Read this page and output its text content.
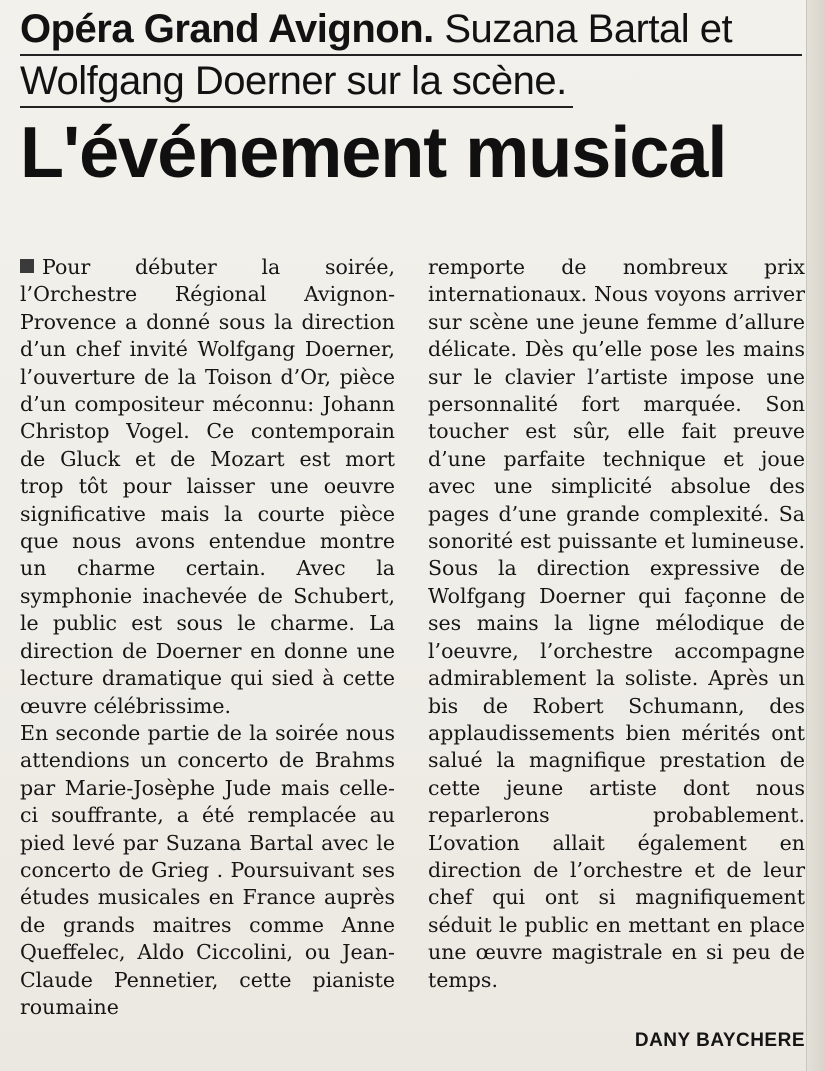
Opéra Grand Avignon. Suzana Bartal et
Wolfgang Doerner sur la scène.
L'événement musical

Pour débuter la soirée, l’Orchestre Régional Avignon-Provence a donné sous la direction d’un chef invité Wolfgang Doerner, l’ouverture de la Toison d’Or, pièce d’un compositeur méconnu: Johann Christop Vogel. Ce contemporain de Gluck et de Mozart est mort trop tôt pour laisser une oeuvre significative mais la courte pièce que nous avons entendue montre un charme certain. Avec la symphonie inachevée de Schubert, le public est sous le charme. La direction de Doerner en donne une lecture dramatique qui sied à cette œuvre célébrissime.

En seconde partie de la soirée nous attendions un concerto de Brahms par Marie-Josèphe Jude mais celle-ci souffrante, a été remplacée au pied levé par Suzana Bartal avec le concerto de Grieg . Poursuivant ses études musicales en France auprès de grands maitres comme Anne Queffelec, Aldo Ciccolini, ou Jean-Claude Pennetier, cette pianiste roumaine

remporte de nombreux prix internationaux. Nous voyons arriver sur scène une jeune femme d’allure délicate. Dès qu’elle pose les mains sur le clavier l’artiste impose une personnalité fort marquée. Son toucher est sûr, elle fait preuve d’une parfaite technique et joue avec une simplicité absolue des pages d’une grande complexité. Sa sonorité est puissante et lumineuse. Sous la direction expressive de Wolfgang Doerner qui façonne de ses mains la ligne mélodique de l’oeuvre, l’orchestre accompagne admirablement la soliste. Après un bis de Robert Schumann, des applaudissements bien mérités ont salué la magnifique prestation de cette jeune artiste dont nous reparlerons probablement. L’ovation allait également en direction de l’orchestre et de leur chef qui ont si magnifiquement séduit le public en mettant en place une œuvre magistrale en si peu de temps.

DANY BAYCHERE
